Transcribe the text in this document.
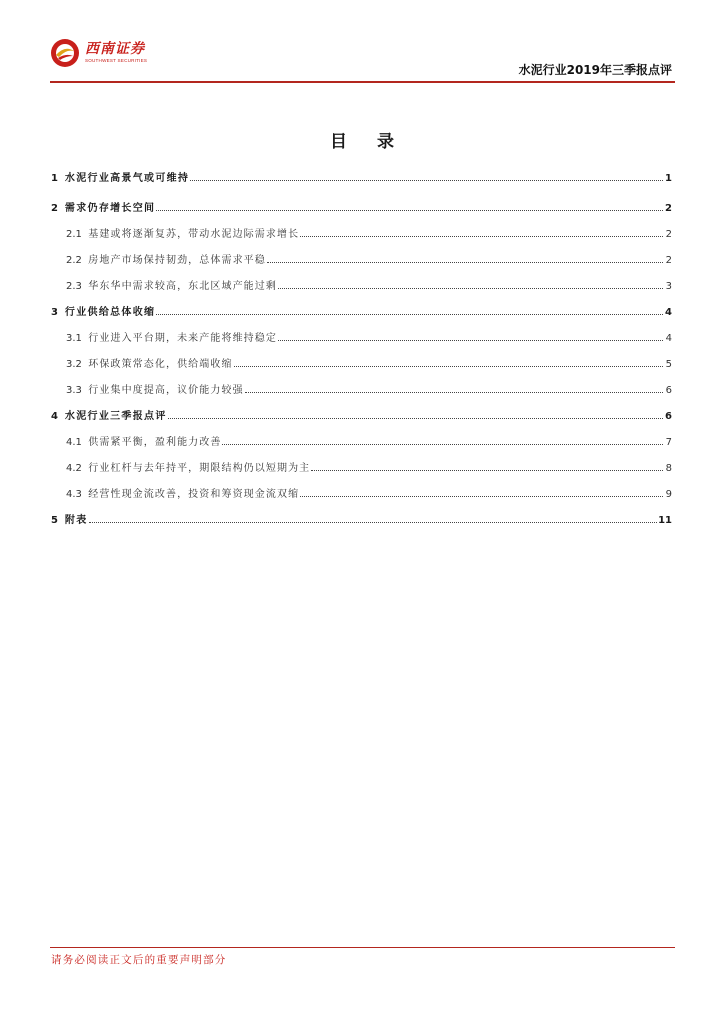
西南证券
SOUTHWEST SECURITIES
水泥行业2019年三季报点评
目 录
1 水泥行业高景气或可维持	1
2 需求仍存增长空间	2
2.1 基建或将逐渐复苏，带动水泥边际需求增长	2
2.2 房地产市场保持韧劲，总体需求平稳	2
2.3 华东华中需求较高，东北区域产能过剩	3
3 行业供给总体收缩	4
3.1 行业进入平台期，未来产能将维持稳定	4
3.2 环保政策常态化，供给端收缩	5
3.3 行业集中度提高，议价能力较强	6
4 水泥行业三季报点评	6
4.1 供需紧平衡，盈利能力改善	7
4.2 行业杠杆与去年持平，期限结构仍以短期为主	8
4.3 经营性现金流改善，投资和筹资现金流双缩	9
5 附表	11
请务必阅读正文后的重要声明部分
